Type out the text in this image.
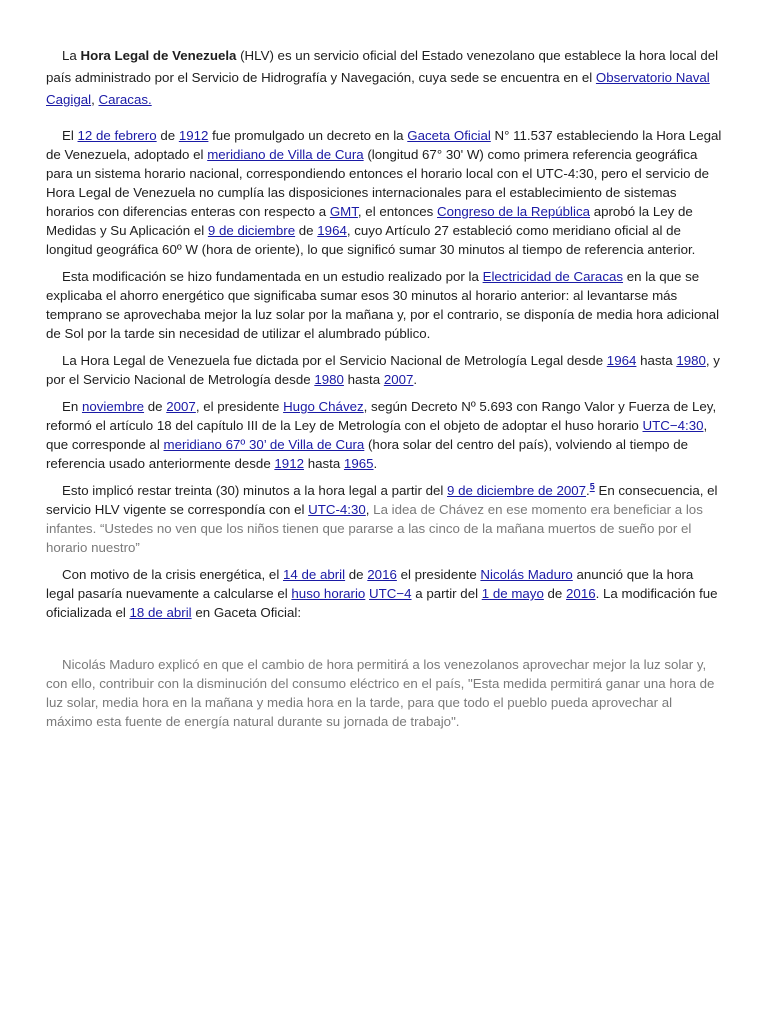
La Hora Legal de Venezuela (HLV) es un servicio oficial del Estado venezolano que establece la hora local del país administrado por el Servicio de Hidrografía y Navegación, cuya sede se encuentra en el Observatorio Naval Cagigal, Caracas.

El 12 de febrero de 1912 fue promulgado un decreto en la Gaceta Oficial N° 11.537 estableciendo la Hora Legal de Venezuela, adoptado el meridiano de Villa de Cura (longitud 67° 30' W) como primera referencia geográfica para un sistema horario nacional, correspondiendo entonces el horario local con el UTC-4:30, pero el servicio de Hora Legal de Venezuela no cumplía las disposiciones internacionales para el establecimiento de sistemas horarios con diferencias enteras con respecto a GMT, el entonces Congreso de la República aprobó la Ley de Medidas y Su Aplicación el 9 de diciembre de 1964, cuyo Artículo 27 estableció como meridiano oficial al de longitud geográfica 60º W (hora de oriente), lo que significó sumar 30 minutos al tiempo de referencia anterior.

Esta modificación se hizo fundamentada en un estudio realizado por la Electricidad de Caracas en la que se explicaba el ahorro energético que significaba sumar esos 30 minutos al horario anterior: al levantarse más temprano se aprovechaba mejor la luz solar por la mañana y, por el contrario, se disponía de media hora adicional de Sol por la tarde sin necesidad de utilizar el alumbrado público.

La Hora Legal de Venezuela fue dictada por el Servicio Nacional de Metrología Legal desde 1964 hasta 1980, y por el Servicio Nacional de Metrología desde 1980 hasta 2007.

En noviembre de 2007, el presidente Hugo Chávez, según Decreto Nº 5.693 con Rango Valor y Fuerza de Ley, reformó el artículo 18 del capítulo III de la Ley de Metrología con el objeto de adoptar el huso horario UTC−4:30, que corresponde al meridiano 67º 30’ de Villa de Cura (hora solar del centro del país), volviendo al tiempo de referencia usado anteriormente desde 1912 hasta 1965.

Esto implicó restar treinta (30) minutos a la hora legal a partir del 9 de diciembre de 2007.$^5$ En consecuencia, el servicio HLV vigente se correspondía con el UTC-4:30, La idea de Chávez en ese momento era beneficiar a los infantes. “Ustedes no ven que los niños tienen que pararse a las cinco de la mañana muertos de sueño por el horario nuestro”

Con motivo de la crisis energética, el 14 de abril de 2016 el presidente Nicolás Maduro anunció que la hora legal pasaría nuevamente a calcularse el huso horario UTC−4 a partir del 1 de mayo de 2016. La modificación fue oficializada el 18 de abril en Gaceta Oficial:

Nicolás Maduro explicó en que el cambio de hora permitirá a los venezolanos aprovechar mejor la luz solar y, con ello, contribuir con la disminución del consumo eléctrico en el país, "Esta medida permitirá ganar una hora de luz solar, media hora en la mañana y media hora en la tarde, para que todo el pueblo pueda aprovechar al máximo esta fuente de energía natural durante su jornada de trabajo".
